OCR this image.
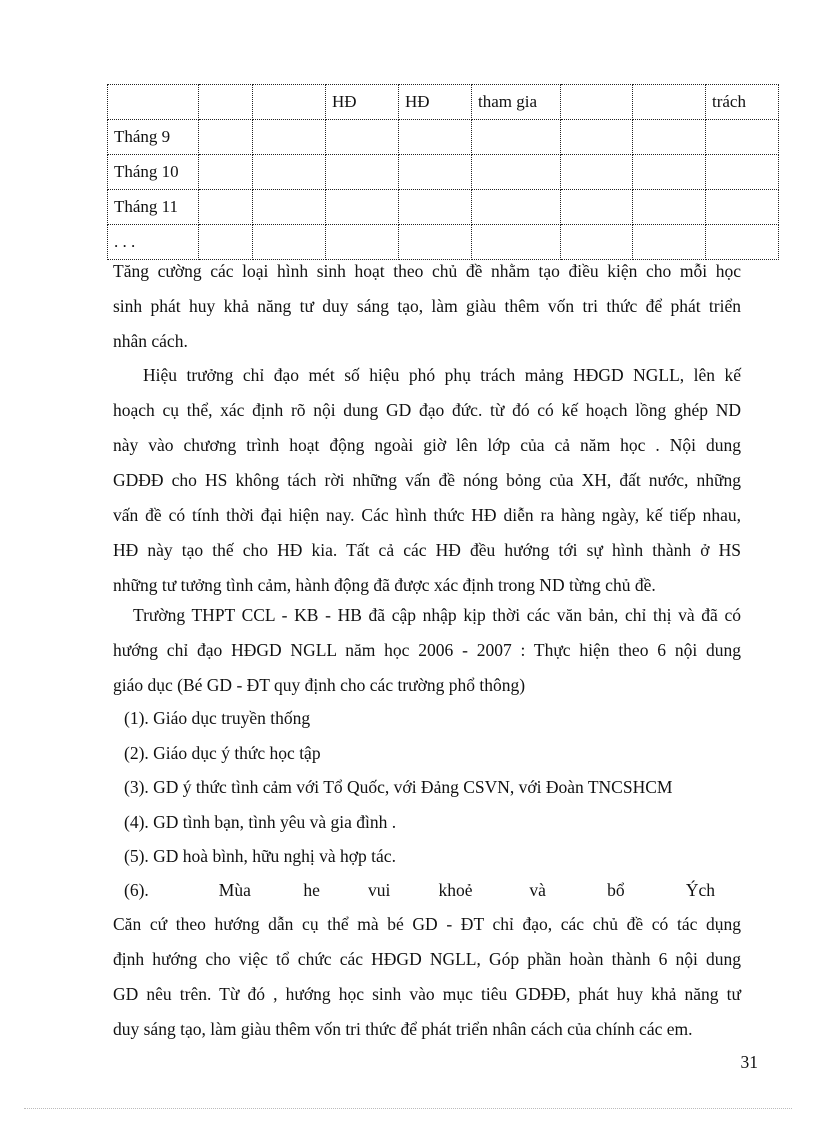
			HĐ	HĐ	tham gia			trách
Tháng 9								
Tháng 10								
Tháng 11								
. . .								
Tăng cường các loại hình sinh hoạt theo chủ đề nhằm tạo điều kiện cho mỗi học
sinh phát huy khả năng tư duy sáng tạo, làm giàu thêm vốn tri thức để phát triển
nhân cách.
Hiệu trưởng chỉ đạo mét số hiệu phó phụ trách mảng HĐGD NGLL, lên kế
hoạch cụ thể, xác định rõ nội dung GD đạo đức. từ đó có kế hoạch lồng ghép ND
này vào chương trình hoạt động ngoài giờ lên lớp của cả năm học . Nội dung
GDĐĐ cho HS không tách rời những vấn đề nóng bỏng của XH, đất nước, những
vấn đề có tính thời đại hiện nay. Các hình thức HĐ diễn ra hàng ngày, kế tiếp nhau,
HĐ này tạo thế cho HĐ kia. Tất cả các HĐ đều hướng tới sự hình thành ở HS
những tư tưởng tình cảm, hành động đã được xác định trong ND từng chủ đề.
Trường THPT CCL - KB - HB đã cập nhập kịp thời các văn bản, chỉ thị và đã có
hướng chỉ đạo HĐGD NGLL năm học 2006 - 2007 : Thực hiện theo 6 nội dung
giáo dục (Bé GD - ĐT quy định cho các trường phổ thông)
(1). Giáo dục truyền thống
(2). Giáo dục ý thức học tập
(3). GD ý thức tình cảm với Tổ Quốc, với Đảng CSVN, với Đoàn TNCSHCM
(4). GD tình bạn, tình yêu và gia đình .
(5). GD hoà bình, hữu nghị và hợp tác.
(6).                Mùa            he           vui           khoẻ             và              bổ              Ých
Căn cứ theo hướng dẫn cụ thể mà bé GD - ĐT chỉ đạo, các chủ đề có tác dụng
định hướng cho việc tổ chức các HĐGD NGLL, Góp phần hoàn thành 6 nội dung
GD nêu trên. Từ đó , hướng học sinh vào mục tiêu GDĐĐ, phát huy khả năng tư
duy sáng tạo, làm giàu thêm vốn tri thức để phát triển nhân cách của chính các em.
31
